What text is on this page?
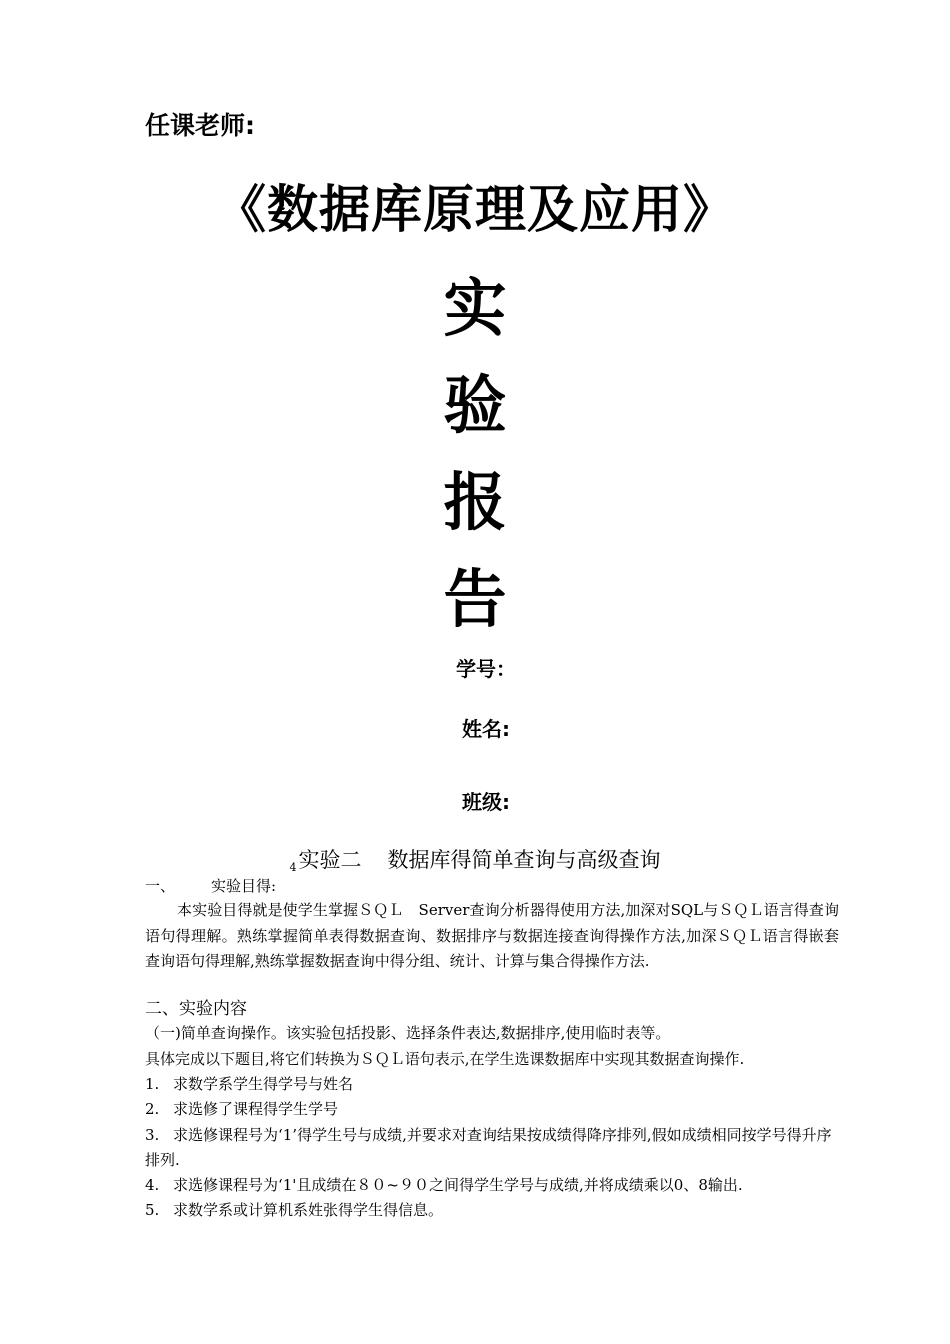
任课老师:
《数据库原理及应用》
实
验
报
告
学号：
姓名:
班级:
4实验二 数据库得简单查询与高级查询
一、 实验目得:
本实验目得就是使学生掌握ＳＱＬ　Server查询分析器得使用方法,加深对SQL与ＳＱＬ语言得查询语句得理解。熟练掌握简单表得数据查询、数据排序与数据连接查询得操作方法,加深ＳＱＬ语言得嵌套查询语句得理解,熟练掌握数据查询中得分组、统计、计算与集合得操作方法.
二、实验内容
（一)简单查询操作。该实验包括投影、选择条件表达,数据排序,使用临时表等。
具体完成以下题目,将它们转换为ＳＱＬ语句表示,在学生选课数据库中实现其数据查询操作.
1. 求数学系学生得学号与姓名
2. 求选修了课程得学生学号
3. 求选修课程号为‘1’得学生号与成绩,并要求对查询结果按成绩得降序排列,假如成绩相同按学号得升序排列.
4. 求选修课程号为‘1'且成绩在８０~９０之间得学生学号与成绩,并将成绩乘以0、8输出.
5. 求数学系或计算机系姓张得学生得信息。
